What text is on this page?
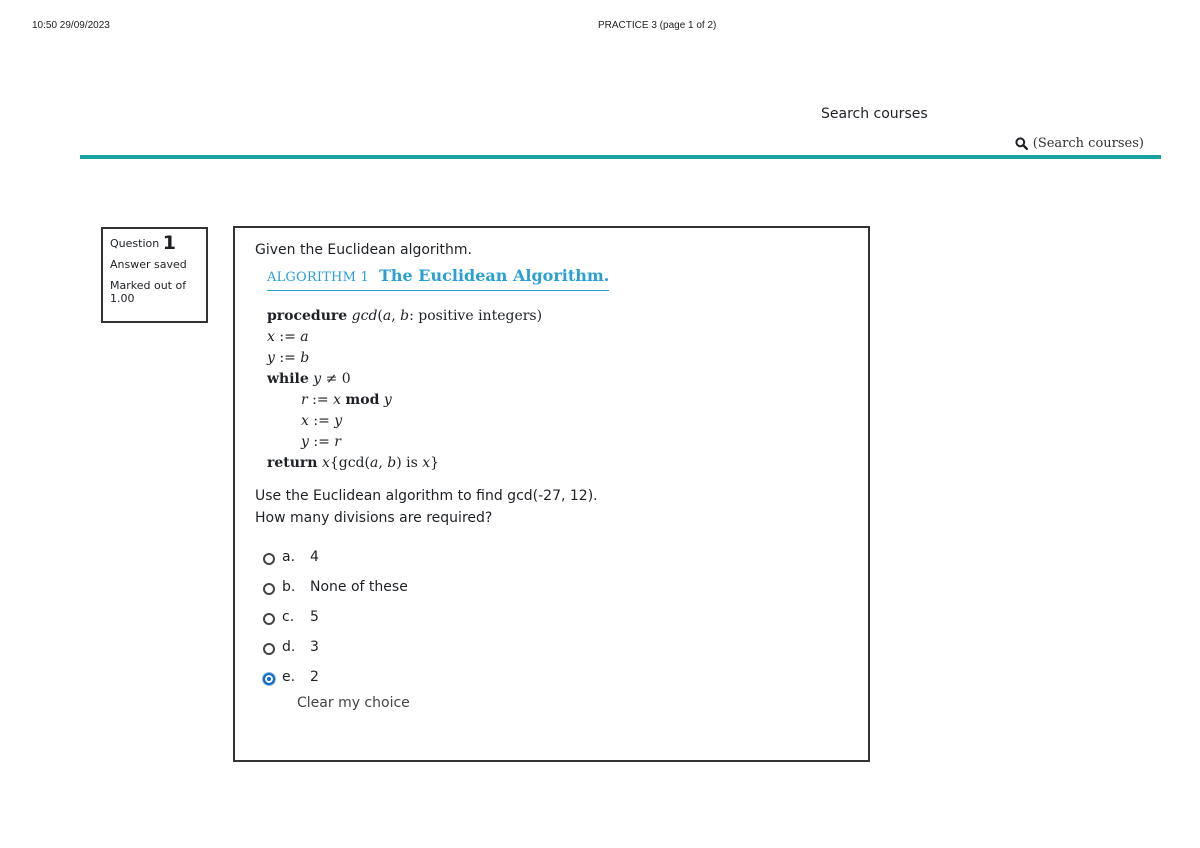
10:50 29/09/2023	PRACTICE 3 (page 1 of 2)
Search courses
(Search courses)
Question 1
Answer saved
Marked out of 1.00
Given the Euclidean algorithm.
ALGORITHM 1 The Euclidean Algorithm.
procedure gcd(a, b: positive integers)
x := a
y := b
while y ≠ 0
r := x mod y
x := y
y := r
return x{gcd(a, b) is x}
Use the Euclidean algorithm to find gcd(-27, 12).
How many divisions are required?
a.	4
b.	None of these
c.	5
d.	3
e.	2
Clear my choice
